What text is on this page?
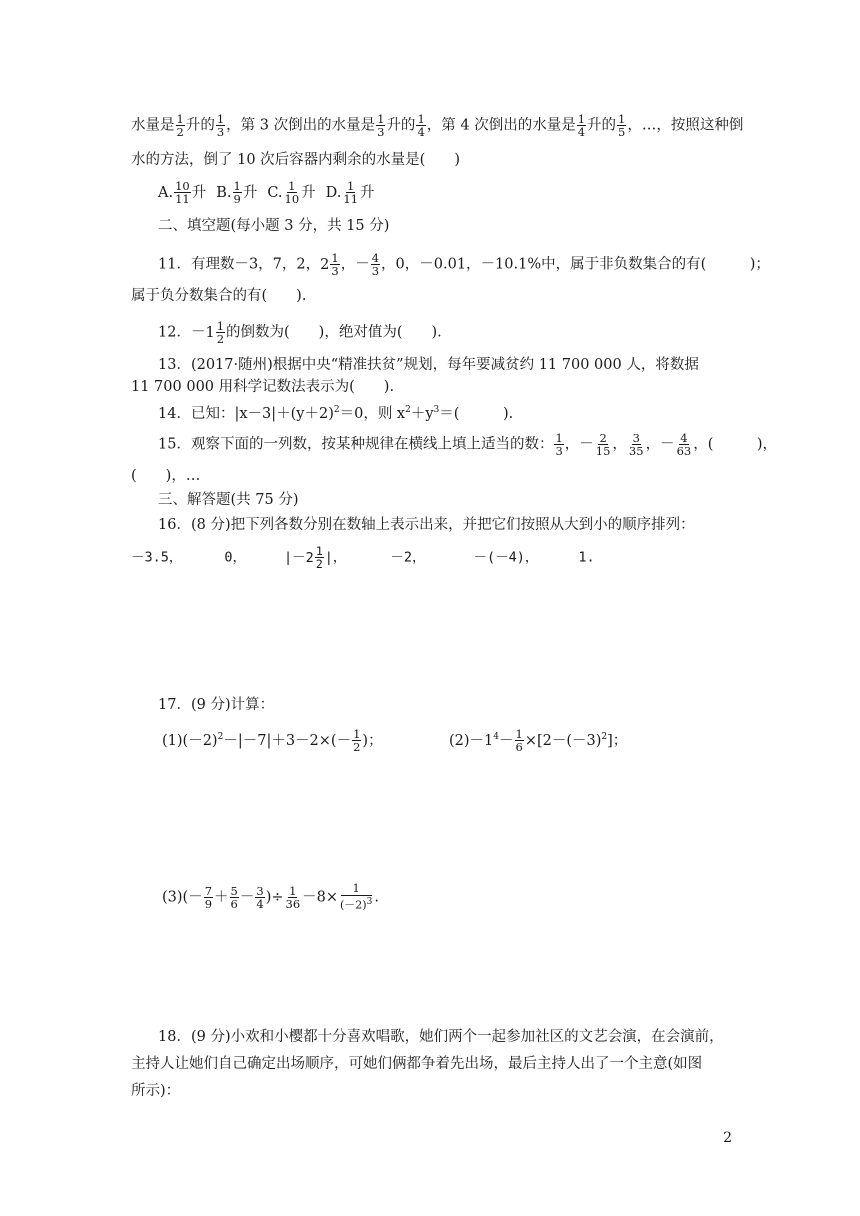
水量是 $\frac{1}{2}$ 升的 $\frac{1}{3}$ ，第 3 次倒出的水量是 $\frac{1}{3}$ 升的 $\frac{1}{4}$ ，第 4 次倒出的水量是 $\frac{1}{4}$ 升的 $\frac{1}{5}$ ，…，按照这种倒
水的方法，倒了 10 次后容器内剩余的水量是(　　)
A. $\frac{10}{11}$ 升 B. $\frac{1}{9}$ 升 C. $\frac{1}{10}$ 升 D. $\frac{1}{11}$ 升
二、填空题(每小题 3 分，共 15 分)
11．有理数－3，7，2， $2 \frac{1}{3}$ ，－ $\frac{4}{3}$ ，0，－0.01，－10.1%中，属于非负数集合的有(　　　)；
属于负分数集合的有(　　).
12．－ $1 \frac{1}{2}$ 的倒数为(　　)，绝对值为(　　).
13．(2017·随州)根据中央“精准扶贫”规划，每年要减贫约 11 700 000 人，将数据
11 700 000 用科学记数法表示为(　　).
14．已知：$|x-3|+(y+2)^2=0$，则 $x^2+y^3=$(　　　).
15．观察下面的一列数，按某种规律在横线上填上适当的数： $\frac{1}{3}$ ，－ $\frac{2}{15}$ ， $\frac{3}{35}$ ，－ $\frac{4}{63}$ ，(　　　)，
(　　)，…
三、解答题(共 75 分)
16．(8 分)把下列各数分别在数轴上表示出来，并把它们按照从大到小的顺序排列：
－3.5，	0，	|－ $2 \frac{1}{2}$ |，	－2，	－(－4)，	1.
17．(9 分)计算：
$(1)(-2)^2-|-7|+3-2\times(- \frac{1}{2}$ )；	$(2)-1^4- \frac{1}{6} \times[2-(-3)^2]$；
$(3)(- \frac{7}{9} + \frac{5}{6} - \frac{3}{4}$ )÷ $\frac{1}{36} -8\times \frac{1}{(-2)^3}$ .
18．(9 分)小欢和小樱都十分喜欢唱歌，她们两个一起参加社区的文艺会演，在会演前，
主持人让她们自己确定出场顺序，可她们俩都争着先出场，最后主持人出了一个主意(如图
所示)：
2
